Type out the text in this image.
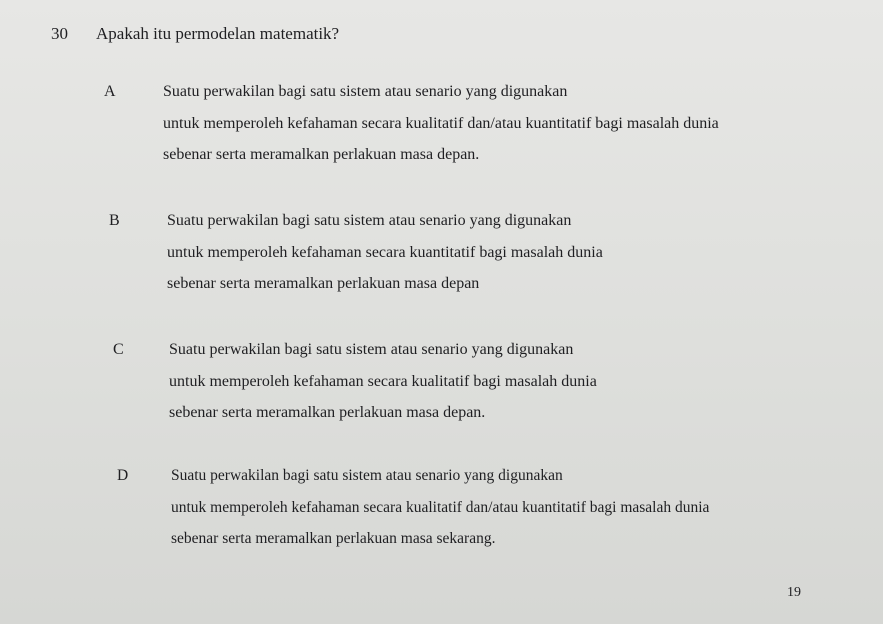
30 Apakah itu permodelan matematik?
A	Suatu perwakilan bagi satu sistem atau senario yang digunakan
untuk memperoleh kefahaman secara kualitatif dan/atau kuantitatif bagi masalah dunia
sebenar serta meramalkan perlakuan masa depan.
B	Suatu perwakilan bagi satu sistem atau senario yang digunakan
untuk memperoleh kefahaman secara kuantitatif bagi masalah dunia
sebenar serta meramalkan perlakuan masa depan
C	Suatu perwakilan bagi satu sistem atau senario yang digunakan
untuk memperoleh kefahaman secara kualitatif bagi masalah dunia
sebenar serta meramalkan perlakuan masa depan.
D	Suatu perwakilan bagi satu sistem atau senario yang digunakan
untuk memperoleh kefahaman secara kualitatif dan/atau kuantitatif bagi masalah dunia
sebenar serta meramalkan perlakuan masa sekarang.
19
